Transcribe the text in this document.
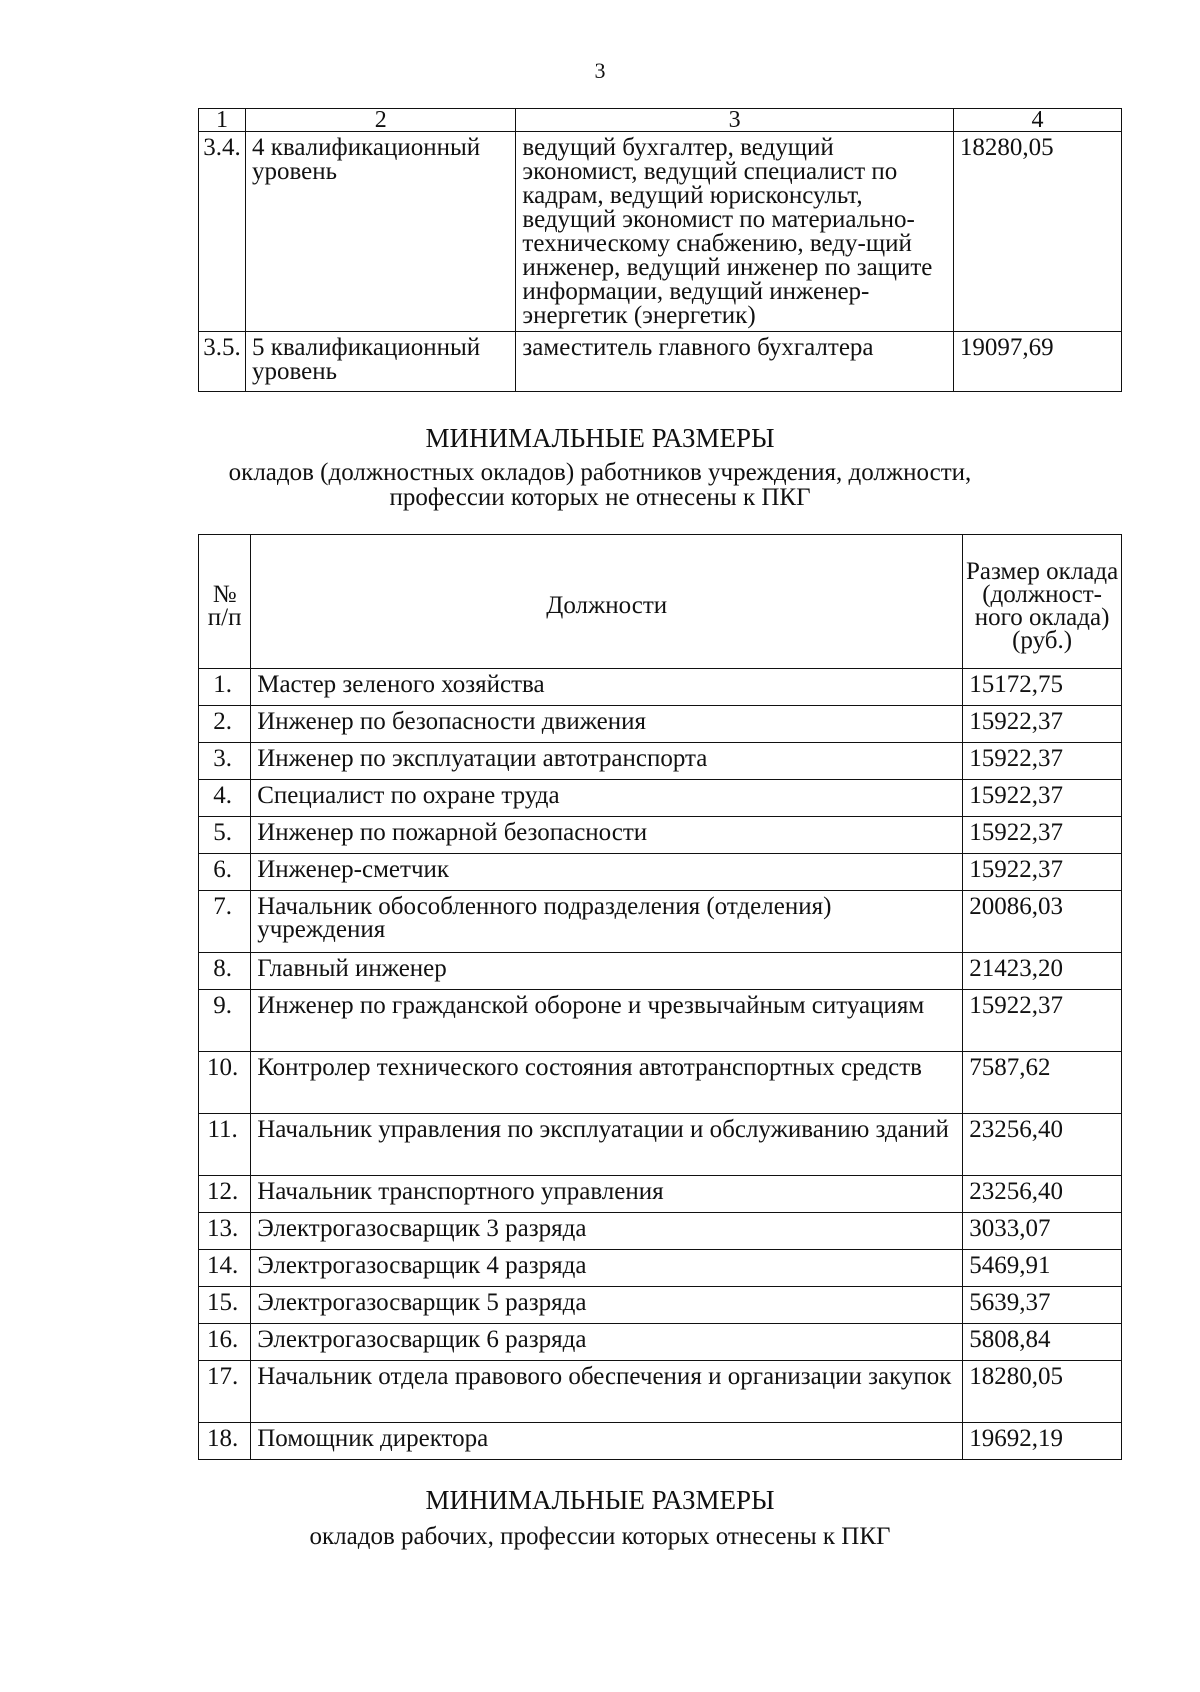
3
1	2	3	4
3.4.	4 квалификационный уровень	ведущий бухгалтер, ведущий экономист, ведущий специалист по кадрам, ведущий юрисконсульт, ведущий экономист по материально-техническому снабжению, веду-щий инженер, ведущий инженер по защите информации, ведущий инженер-энергетик (энергетик)	18280,05
3.5.	5 квалификационный уровень	заместитель главного бухгалтера	19097,69
МИНИМАЛЬНЫЕ РАЗМЕРЫ
окладов (должностных окладов) работников учреждения, должности,
профессии которых не отнесены к ПКГ
№ п/п	Должности	Размер оклада (должност-ного оклада) (руб.)
1.	Мастер зеленого хозяйства	15172,75
2.	Инженер по безопасности движения	15922,37
3.	Инженер по эксплуатации автотранспорта	15922,37
4.	Специалист по охране труда	15922,37
5.	Инженер по пожарной безопасности	15922,37
6.	Инженер-сметчик	15922,37
7.	Начальник обособленного подразделения (отделения) учреждения	20086,03
8.	Главный инженер	21423,20
9.	Инженер по гражданской обороне и чрезвычайным ситуациям	15922,37
10.	Контролер технического состояния автотранспортных средств	7587,62
11.	Начальник управления по эксплуатации и обслуживанию зданий	23256,40
12.	Начальник транспортного управления	23256,40
13.	Электрогазосварщик 3 разряда	3033,07
14.	Электрогазосварщик 4 разряда	5469,91
15.	Электрогазосварщик 5 разряда	5639,37
16.	Электрогазосварщик 6 разряда	5808,84
17.	Начальник отдела правового обеспечения и организации закупок	18280,05
18.	Помощник директора	19692,19
МИНИМАЛЬНЫЕ РАЗМЕРЫ
окладов рабочих, профессии которых отнесены к ПКГ
